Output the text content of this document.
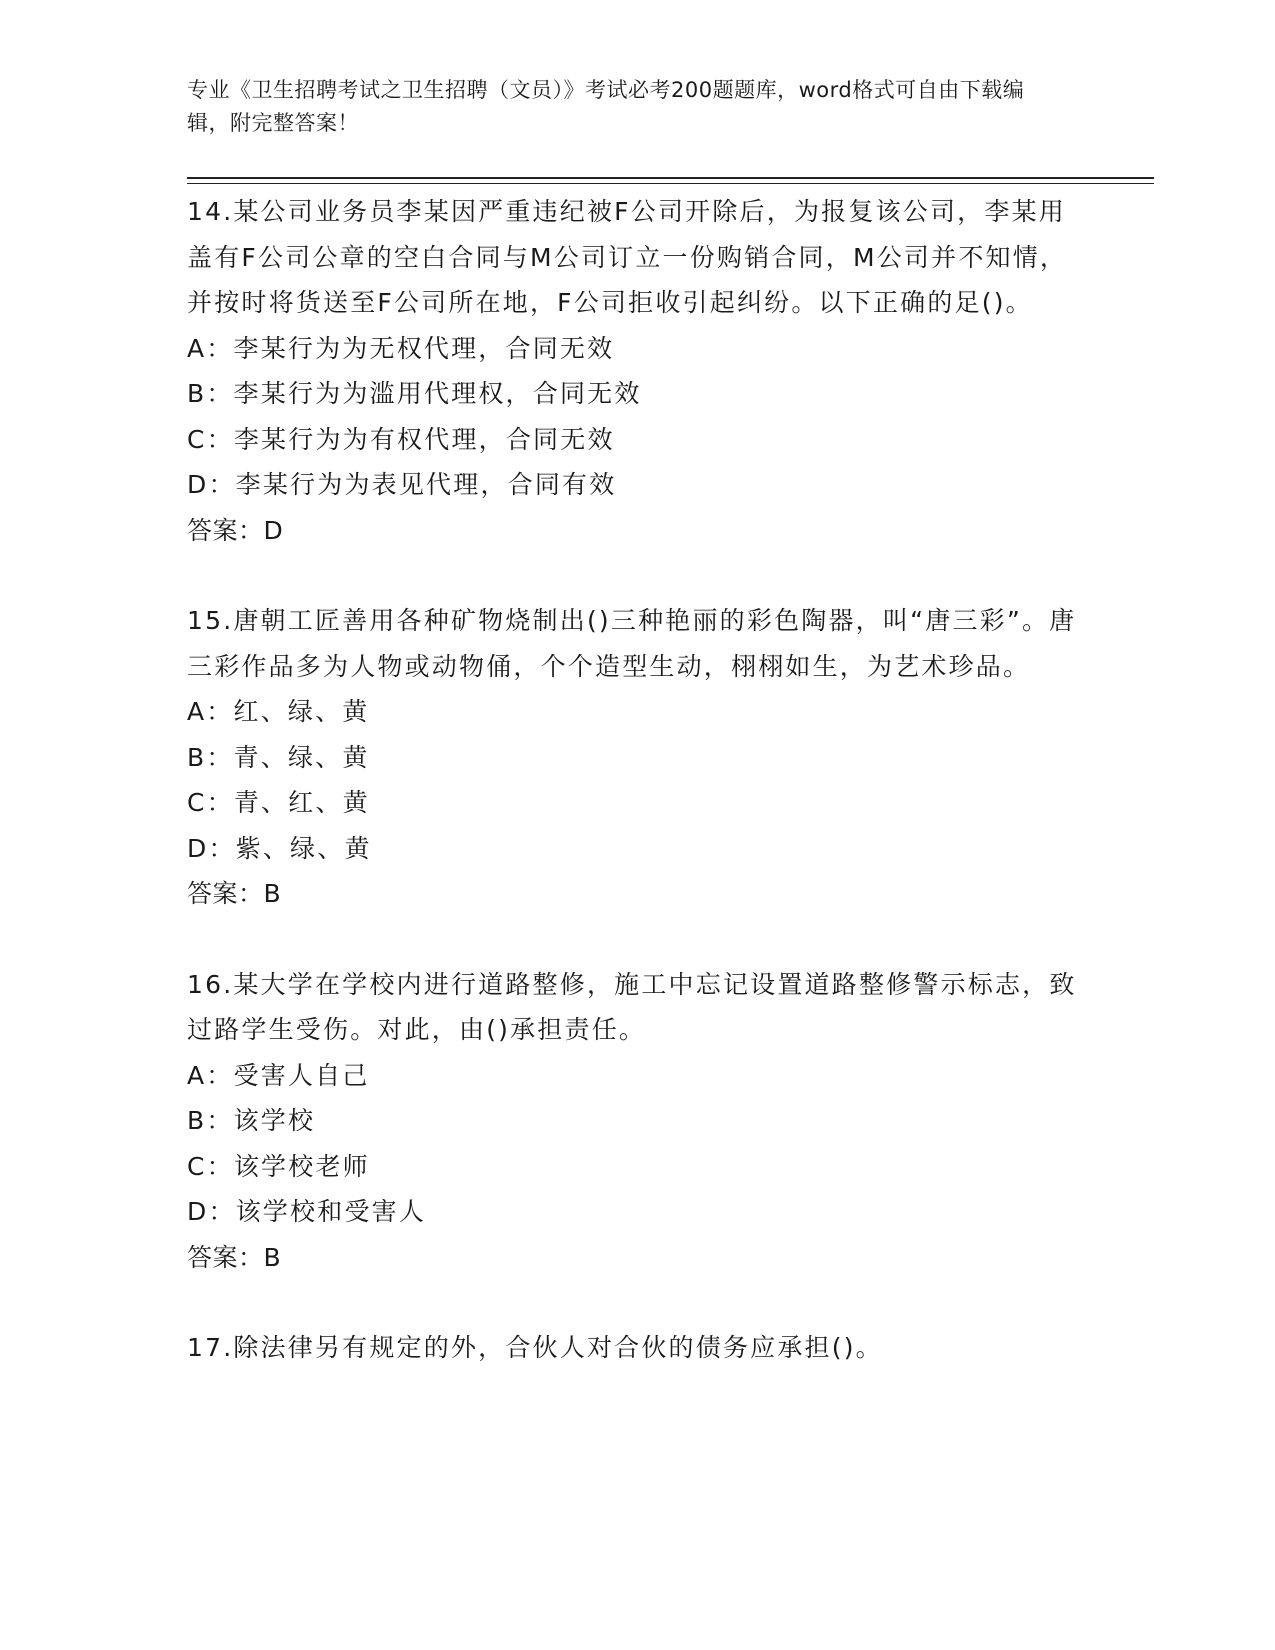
专业《卫生招聘考试之卫生招聘（文员）》考试必考200题题库，word格式可自由下载编辑，附完整答案！

14.某公司业务员李某因严重违纪被F公司开除后，为报复该公司，李某用盖有F公司公章的空白合同与M公司订立一份购销合同，M公司并不知情，并按时将货送至F公司所在地，F公司拒收引起纠纷。以下正确的足()。

A：李某行为为无权代理，合同无效

B：李某行为为滥用代理权，合同无效

C：李某行为为有权代理，合同无效

D：李某行为为表见代理，合同有效

答案：D

15.唐朝工匠善用各种矿物烧制出()三种艳丽的彩色陶器，叫“唐三彩”。唐三彩作品多为人物或动物俑，个个造型生动，栩栩如生，为艺术珍品。

A：红、绿、黄

B：青、绿、黄

C：青、红、黄

D：紫、绿、黄

答案：B

16.某大学在学校内进行道路整修，施工中忘记设置道路整修警示标志，致过路学生受伤。对此，由()承担责任。

A：受害人自己

B：该学校

C：该学校老师

D：该学校和受害人

答案：B

17.除法律另有规定的外，合伙人对合伙的债务应承担()。
